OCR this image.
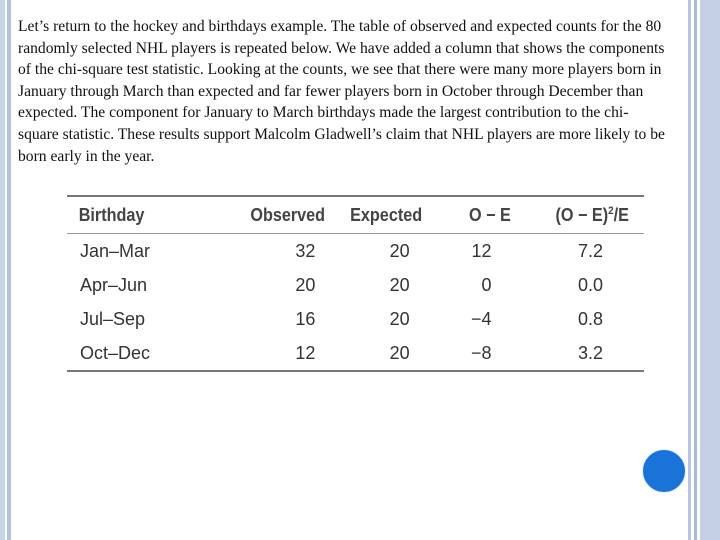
Let’s return to the hockey and birthdays example. The table of observed and expected counts for the 80 randomly selected NHL players is repeated below. We have added a column that shows the components of the chi-square test statistic. Looking at the counts, we see that there were many more players born in January through March than expected and far fewer players born in October through December than expected. The component for January to March birthdays made the largest contribution to the chi-square statistic. These results support Malcolm Gladwell’s claim that NHL players are more likely to be born early in the year.

Birthday	Observed	Expected	O − E	$(O - E)^2/E$
Jan–Mar	32	20	12	7.2
Apr–Jun	20	20	0	0.0
Jul–Sep	16	20	−4	0.8
Oct–Dec	12	20	−8	3.2
